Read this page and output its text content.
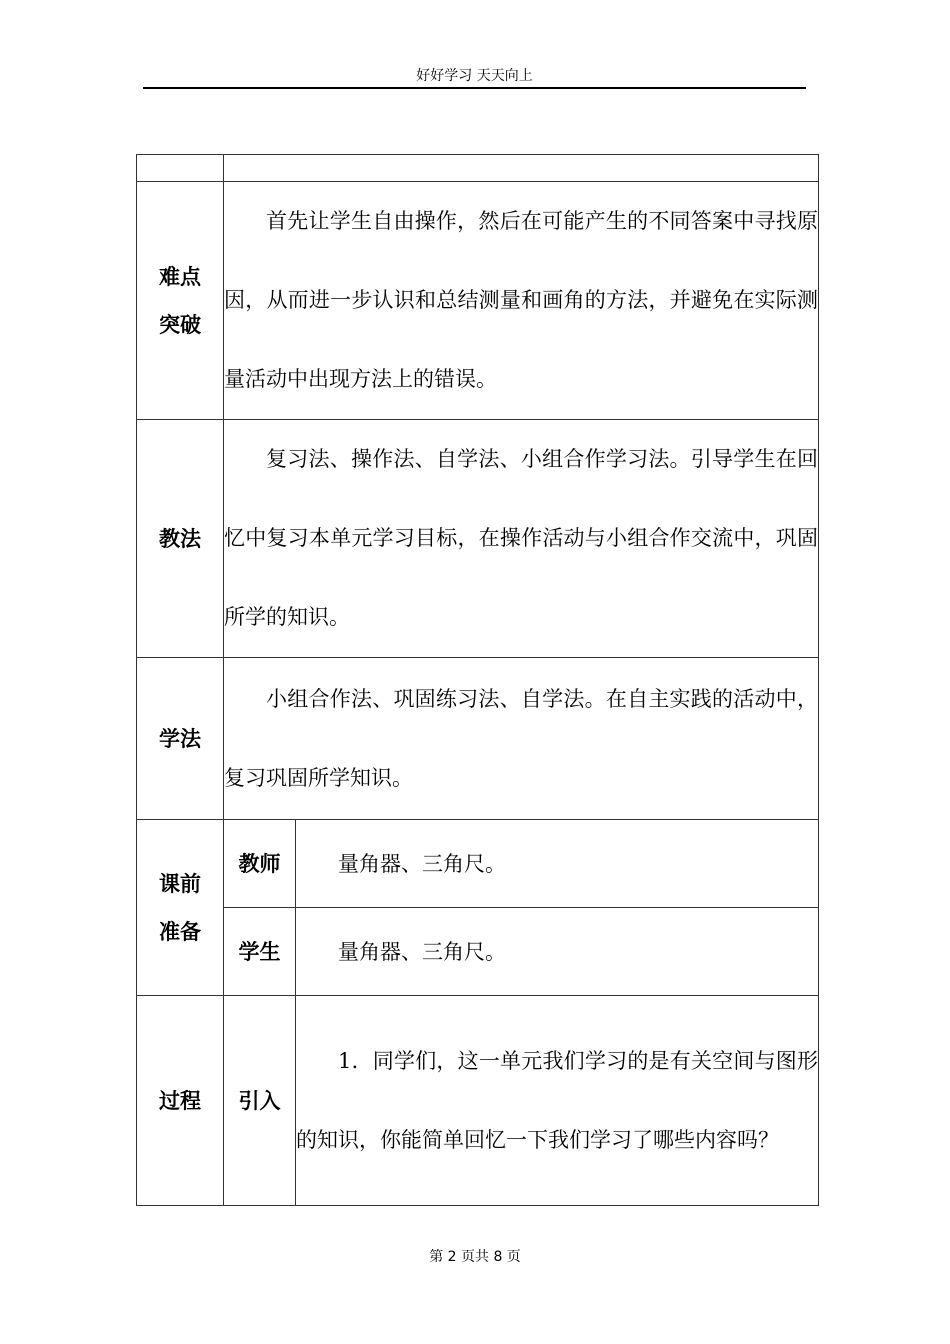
好好学习 天天向上

难点
突破	首先让学生自由操作，然后在可能产生的不同答案中寻找原因，从而进一步认识和总结测量和画角的方法，并避免在实际测量活动中出现方法上的错误。	
教法	复习法、操作法、自学法、小组合作学习法。引导学生在回忆中复习本单元学习目标，在操作活动与小组合作交流中，巩固所学的知识。	
学法	小组合作法、巩固练习法、自学法。在自主实践的活动中，复习巩固所学知识。	

课前
准备	教师	量角器、三角尺。
	学生	量角器、三角尺。
过程	引入	1．同学们，这一单元我们学习的是有关空间与图形的知识，你能简单回忆一下我们学习了哪些内容吗？
第 2 页共 8 页
